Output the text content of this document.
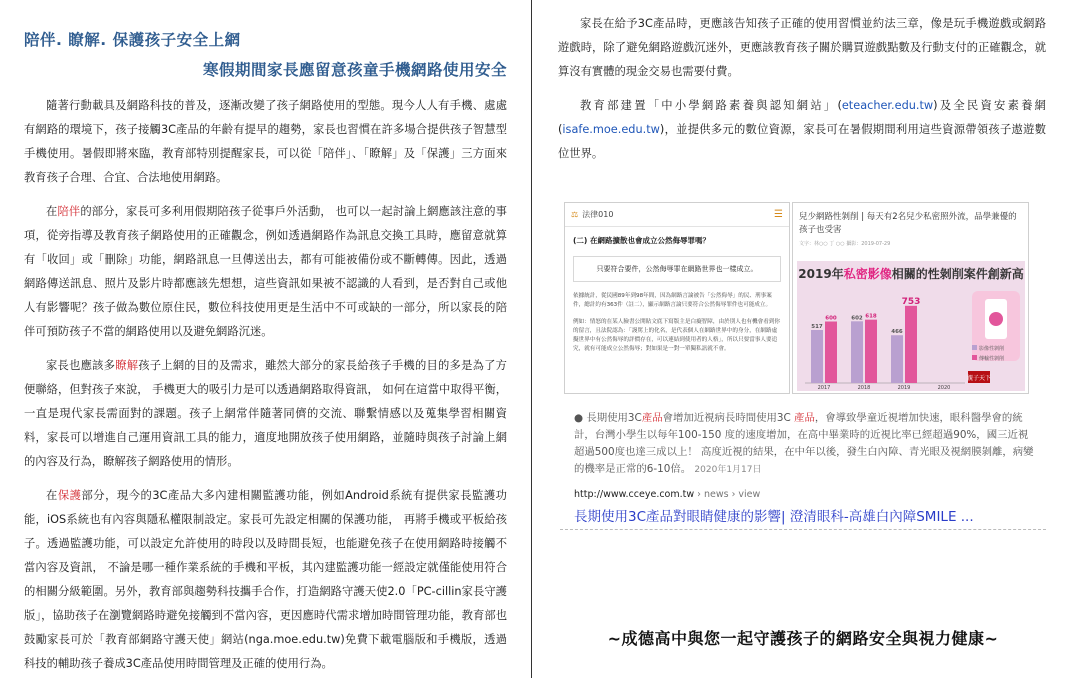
陪伴. 瞭解. 保護孩子安全上網
寒假期間家長應留意孩童手機網路使用安全

隨著行動載具及網路科技的普及，逐漸改變了孩子網路使用的型態。現今人人有手機、處處有網路的環境下，孩子接觸3C產品的年齡有提早的趨勢，家長也習慣在許多場合提供孩子智慧型手機使用。暑假即將來臨，教育部特別提醒家長，可以從「陪伴」、「瞭解」及「保護」三方面來教育孩子合理、合宜、合法地使用網路。

在陪伴的部分，家長可多利用假期陪孩子從事戶外活動， 也可以一起討論上網應該注意的事項，從旁指導及教育孩子網路使用的正確觀念，例如透過網路作為訊息交換工具時，應留意就算有「收回」或「刪除」功能，網路訊息一旦傳送出去，都有可能被備份或不斷轉傳。因此，透過網路傳送訊息、照片及影片時都應該先想想，這些資訊如果被不認識的人看到，是否對自己或他人有影響呢？孩子做為數位原住民，數位科技使用更是生活中不可或缺的一部分，所以家長的陪伴可預防孩子不當的網路使用以及避免網路沉迷。

家長也應該多瞭解孩子上網的目的及需求，雖然大部分的家長給孩子手機的目的多是為了方便聯絡，但對孩子來說， 手機更大的吸引力是可以透過網路取得資訊， 如何在這當中取得平衡，一直是現代家長需面對的課題。孩子上網常伴隨著同儕的交流、聯繫情感以及蒐集學習相關資料，家長可以增進自己運用資訊工具的能力，適度地開放孩子使用網路，並隨時與孩子討論上網的內容及行為，瞭解孩子網路使用的情形。

在保護部分，現今的3C產品大多內建相關監護功能，例如Android系統有提供家長監護功能，iOS系統也有內容與隱私權限制設定。家長可先設定相關的保護功能， 再將手機或平板給孩子。透過監護功能，可以設定允許使用的時段以及時間長短，也能避免孩子在使用網路時接觸不當內容及資訊， 不論是哪一種作業系統的手機和平板，其內建監護功能一經設定就僅能使用符合的相關分級範圍。另外，教育部與趨勢科技攜手合作，打造網路守護天使2.0「PC-cillin家長守護版」，協助孩子在瀏覽網路時避免接觸到不當內容，更因應時代需求增加時間管理功能，教育部也鼓勵家長可於「教育部網路守護天使」網站(nga.moe.edu.tw)免費下載電腦版和手機版，透過科技的輔助孩子養成3C產品使用時間管理及正確的使用行為。

家長在給予3C產品時，更應該告知孩子正確的使用習慣並約法三章，像是玩手機遊戲或網路遊戲時，除了避免網路遊戲沉迷外，更應該教育孩子關於購買遊戲點數及行動支付的正確觀念，就算沒有實體的現金交易也需要付費。

教育部建置「中小學網路素養與認知網站」(eteacher.edu.tw)及全民資安素養網(isafe.moe.edu.tw)，並提供多元的數位資源，家長可在暑假期間利用這些資源帶領孩子遨遊數位世界。

⚖ 法律010	☰
(二) 在網路擴散也會成立公然侮辱罪嗎？
只要符合要件，公然侮辱罪在網路世界也一樣成立。
依據統計，從民國89年到98年間，因為網路言論被告「公然侮辱」的民、刑事案件，總計約有363件（註二），顯示網路言論只要符合公然侮辱罪件也可能成立。
例如：情怒的在某人臉書公開貼文底下寫版主是白癡智障，由於別人也有機會看到你的留言，且法院認為：「謾罵上的化名，是代表個人在網路世界中的身分，在網路虛擬世界中有公然侮辱的評價存在，可以連結到使用者的人格」，所以只要當事人要追究，就有可能成立公然侮辱；對如果是一對一單獨私訊就不會。
兒少網路性剝削 | 每天有2名兒少私密照外流，品學兼優的孩子也受害
文字：林○○ 丁 ○○ 攝影：2019-07-29
2019年私密影像相關的性剝削案件創新高
親子天下
影像性剝削
傳輸性剝削
517
600
2017
602 618
2018
466
753
2019	2020
● 長期使用3C產品會增加近視病長時間使用3C 產品，會導致學童近視增加快速，眼科醫學會的統計，台灣小學生以每年100-150 度的速度增加，在高中畢業時的近視比率已經超過90%，國三近視超過500度也達三成以上！ 高度近視的結果，在中年以後，發生白內障、青光眼及視網膜剝離，病變的機率是正常的6-10倍。 2020年1月17日
http://www.cceye.com.tw › news › view
長期使用3C產品對眼睛健康的影響| 澄清眼科-高雄白內障SMILE ...
~成德高中與您一起守護孩子的網路安全與視力健康~
